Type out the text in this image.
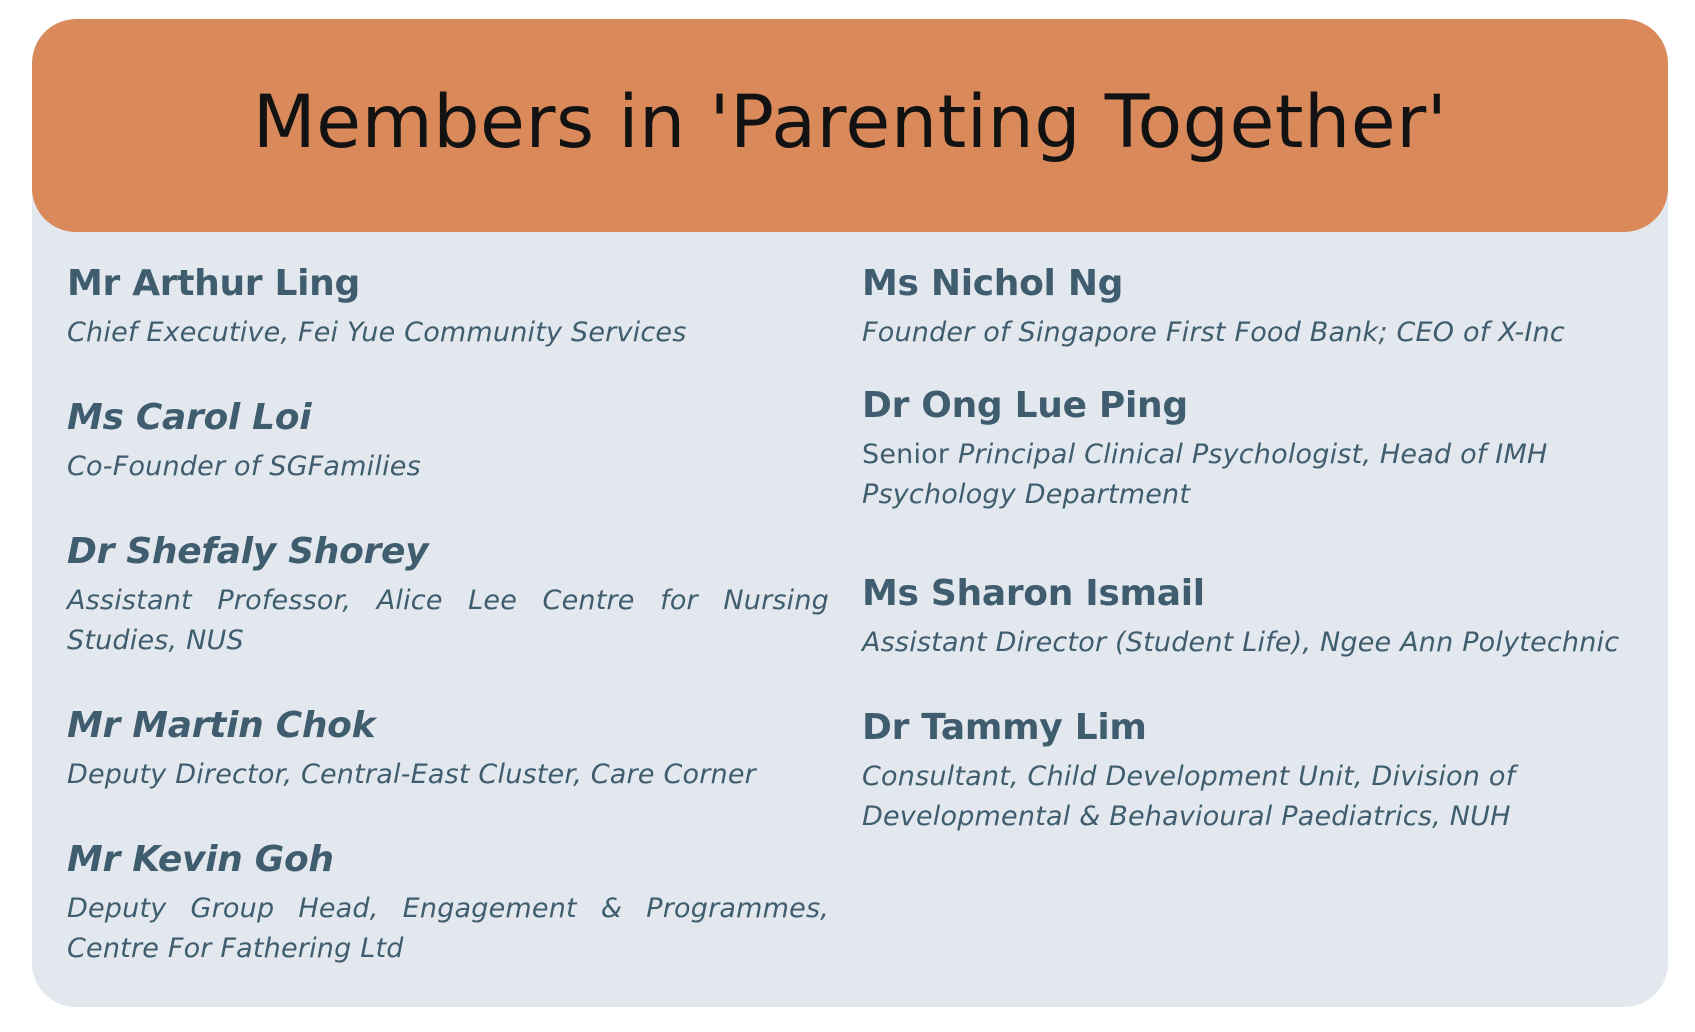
Members in 'Parenting Together'
Mr Arthur Ling
Chief Executive, Fei Yue Community Services
Ms Carol Loi
Co-Founder of SGFamilies
Dr Shefaly Shorey
Assistant Professor, Alice Lee Centre for Nursing Studies, NUS
Mr Martin Chok
Deputy Director, Central-East Cluster, Care Corner
Mr Kevin Goh
Deputy Group Head, Engagement & Programmes, Centre For Fathering Ltd
Ms Nichol Ng
Founder of Singapore First Food Bank; CEO of X-Inc
Dr Ong Lue Ping
Senior Principal Clinical Psychologist, Head of IMH Psychology Department
Ms Sharon Ismail
Assistant Director (Student Life), Ngee Ann Polytechnic
Dr Tammy Lim
Consultant, Child Development Unit, Division of Developmental & Behavioural Paediatrics, NUH
